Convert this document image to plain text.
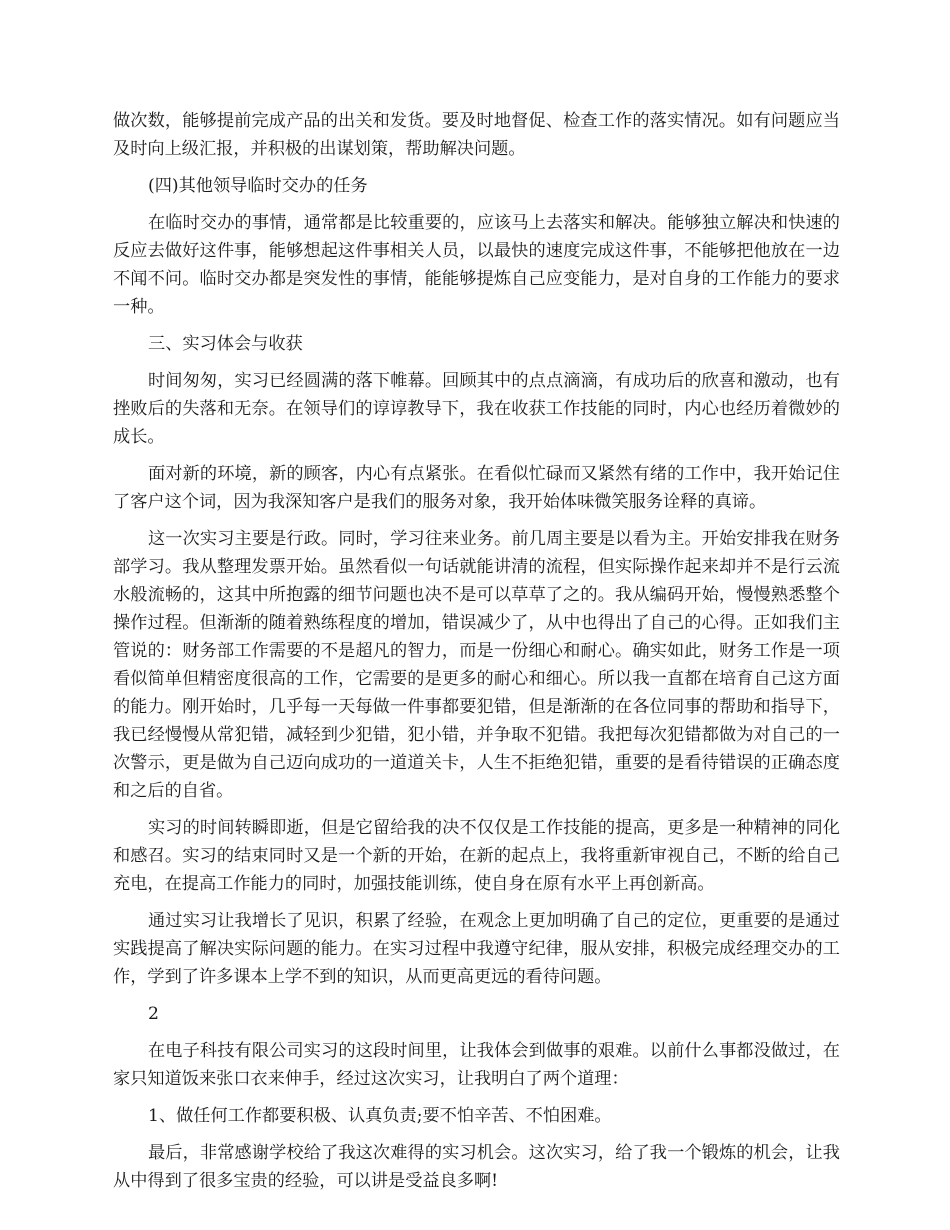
做次数，能够提前完成产品的出关和发货。要及时地督促、检查工作的落实情况。如有问题应当及时向上级汇报，并积极的出谋划策，帮助解决问题。

(四)其他领导临时交办的任务

在临时交办的事情，通常都是比较重要的，应该马上去落实和解决。能够独立解决和快速的反应去做好这件事，能够想起这件事相关人员，以最快的速度完成这件事，不能够把他放在一边不闻不问。临时交办都是突发性的事情，能能够提炼自己应变能力，是对自身的工作能力的要求一种。

三、实习体会与收获

时间匆匆，实习已经圆满的落下帷幕。回顾其中的点点滴滴，有成功后的欣喜和激动，也有挫败后的失落和无奈。在领导们的谆谆教导下，我在收获工作技能的同时，内心也经历着微妙的成长。

面对新的环境，新的顾客，内心有点紧张。在看似忙碌而又紧然有绪的工作中，我开始记住了客户这个词，因为我深知客户是我们的服务对象，我开始体味微笑服务诠释的真谛。

这一次实习主要是行政。同时，学习往来业务。前几周主要是以看为主。开始安排我在财务部学习。我从整理发票开始。虽然看似一句话就能讲清的流程，但实际操作起来却并不是行云流水般流畅的，这其中所抱露的细节问题也决不是可以草草了之的。我从编码开始，慢慢熟悉整个操作过程。但渐渐的随着熟练程度的增加，错误减少了，从中也得出了自己的心得。正如我们主管说的：财务部工作需要的不是超凡的智力，而是一份细心和耐心。确实如此，财务工作是一项看似简单但精密度很高的工作，它需要的是更多的耐心和细心。所以我一直都在培育自己这方面的能力。刚开始时，几乎每一天每做一件事都要犯错，但是渐渐的在各位同事的帮助和指导下，我已经慢慢从常犯错，减轻到少犯错，犯小错，并争取不犯错。我把每次犯错都做为对自己的一次警示，更是做为自己迈向成功的一道道关卡，人生不拒绝犯错，重要的是看待错误的正确态度和之后的自省。

实习的时间转瞬即逝，但是它留给我的决不仅仅是工作技能的提高，更多是一种精神的同化和感召。实习的结束同时又是一个新的开始，在新的起点上，我将重新审视自己，不断的给自己充电，在提高工作能力的同时，加强技能训练，使自身在原有水平上再创新高。

通过实习让我增长了见识，积累了经验，在观念上更加明确了自己的定位，更重要的是通过实践提高了解决实际问题的能力。在实习过程中我遵守纪律，服从安排，积极完成经理交办的工作，学到了许多课本上学不到的知识，从而更高更远的看待问题。

2

在电子科技有限公司实习的这段时间里，让我体会到做事的艰难。以前什么事都没做过，在家只知道饭来张口衣来伸手，经过这次实习，让我明白了两个道理：

1、做任何工作都要积极、认真负责;要不怕辛苦、不怕困难。

最后，非常感谢学校给了我这次难得的实习机会。这次实习，给了我一个锻炼的机会，让我从中得到了很多宝贵的经验，可以讲是受益良多啊!
